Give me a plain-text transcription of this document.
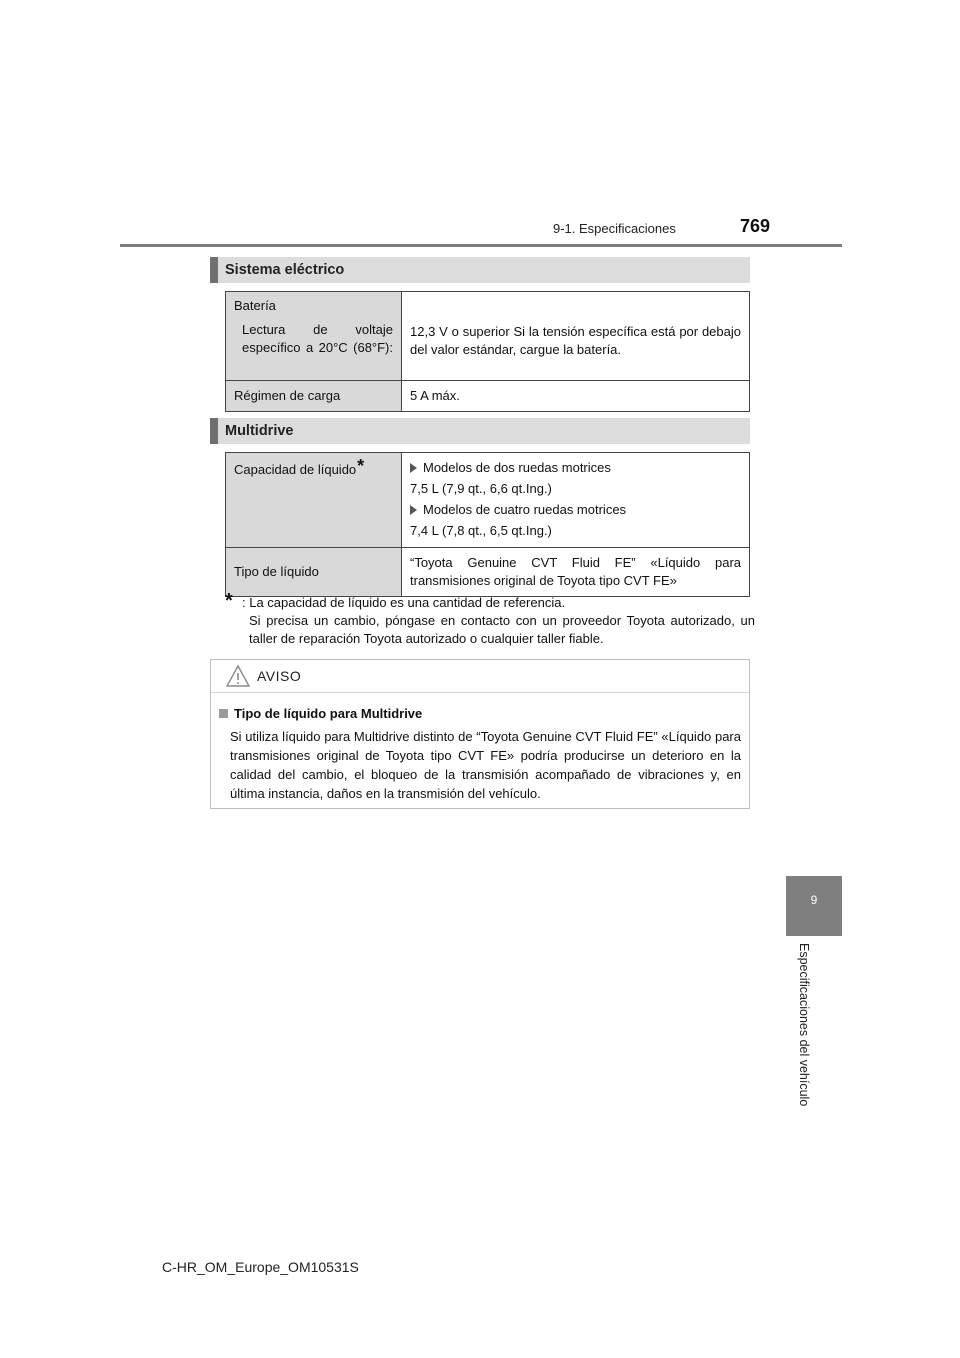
9-1. Especificaciones	769
Sistema eléctrico
Batería
Lectura de voltaje específico a 20°C (68°F):	12,3 V o superior Si la tensión específica está por debajo del valor estándar, cargue la batería.

Régimen de carga	5 A máx.
Multidrive
Capacidad de líquido*	Modelos de dos ruedas motrices
7,5 L (7,9 qt., 6,6 qt.Ing.)
Modelos de cuatro ruedas motrices
7,4 L (7,8 qt., 6,5 qt.Ing.)

Tipo de líquido	“Toyota Genuine CVT Fluid FE” «Líquido para transmisiones original de Toyota tipo CVT FE»
* : La capacidad de líquido es una cantidad de referencia.
Si precisa un cambio, póngase en contacto con un proveedor Toyota autorizado, un taller de reparación Toyota autorizado o cualquier taller fiable.
AVISO
Tipo de líquido para Multidrive
Si utiliza líquido para Multidrive distinto de “Toyota Genuine CVT Fluid FE” «Líquido para transmisiones original de Toyota tipo CVT FE» podría producirse un deterioro en la calidad del cambio, el bloqueo de la transmisión acompañado de vibraciones y, en última instancia, daños en la transmisión del vehículo.
9
Especificaciones del vehículo
C-HR_OM_Europe_OM10531S
